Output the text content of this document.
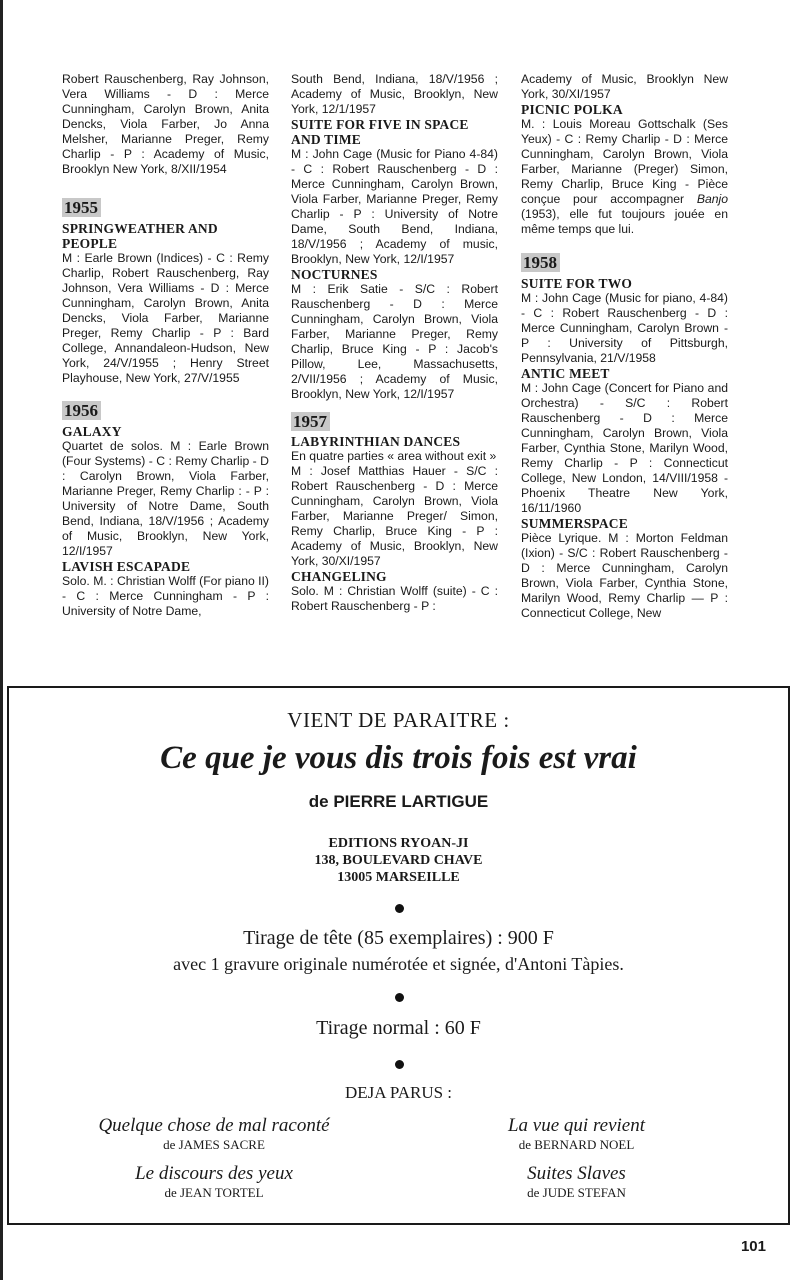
Robert Rauschenberg, Ray Johnson, Vera Williams - D : Merce Cunningham, Carolyn Brown, Anita Dencks, Viola Farber, Jo Anna Melsher, Marianne Preger, Remy Charlip - P : Academy of Music, Brooklyn New York, 8/XII/1954

1955
SPRINGWEATHER AND PEOPLE

M : Earle Brown (Indices) - C : Remy Charlip, Robert Rauschenberg, Ray Johnson, Vera Williams - D : Merce Cunningham, Carolyn Brown, Anita Dencks, Viola Farber, Marianne Preger, Remy Charlip - P : Bard College, Annandaleon-Hudson, New York, 24/V/1955 ; Henry Street Playhouse, New York, 27/V/1955

1956
GALAXY

Quartet de solos. M : Earle Brown (Four Systems) - C : Remy Charlip - D : Carolyn Brown, Viola Farber, Marianne Preger, Remy Charlip : - P : University of Notre Dame, South Bend, Indiana, 18/V/1956 ; Academy of Music, Brooklyn, New York, 12/I/1957

LAVISH ESCAPADE

Solo. M. : Christian Wolff (For piano II) - C : Merce Cunningham - P : University of Notre Dame,

South Bend, Indiana, 18/V/1956 ; Academy of Music, Brooklyn, New York, 12/1/1957

SUITE FOR FIVE IN SPACE AND TIME

M : John Cage (Music for Piano 4-84) - C : Robert Rauschenberg - D : Merce Cunningham, Carolyn Brown, Viola Farber, Marianne Preger, Remy Charlip - P : University of Notre Dame, South Bend, Indiana, 18/V/1956 ; Academy of music, Brooklyn, New York, 12/I/1957

NOCTURNES

M : Erik Satie - S/C : Robert Rauschenberg - D : Merce Cunningham, Carolyn Brown, Viola Farber, Marianne Preger, Remy Charlip, Bruce King - P : Jacob's Pillow, Lee, Massachusetts, 2/VII/1956 ; Academy of Music, Brooklyn, New York, 12/I/1957

1957
LABYRINTHIAN DANCES

En quatre parties « area without exit »

M : Josef Matthias Hauer - S/C : Robert Rauschenberg - D : Merce Cunningham, Carolyn Brown, Viola Farber, Marianne Preger/ Simon, Remy Charlip, Bruce King - P : Academy of Music, Brooklyn, New York, 30/XI/1957

CHANGELING

Solo. M : Christian Wolff (suite) - C : Robert Rauschenberg - P :

Academy of Music, Brooklyn New York, 30/XI/1957

PICNIC POLKA

M. : Louis Moreau Gottschalk (Ses Yeux) - C : Remy Charlip - D : Merce Cunningham, Carolyn Brown, Viola Farber, Marianne (Preger) Simon, Remy Charlip, Bruce King - Pièce conçue pour accompagner Banjo (1953), elle fut toujours jouée en même temps que lui.

1958
SUITE FOR TWO

M : John Cage (Music for piano, 4-84) - C : Robert Rauschenberg - D : Merce Cunningham, Carolyn Brown - P : University of Pittsburgh, Pennsylvania, 21/V/1958

ANTIC MEET

M : John Cage (Concert for Piano and Orchestra) - S/C : Robert Rauschenberg - D : Merce Cunningham, Carolyn Brown, Viola Farber, Cynthia Stone, Marilyn Wood, Remy Charlip - P : Connecticut College, New London, 14/VIII/1958 - Phoenix Theatre New York, 16/11/1960

SUMMERSPACE

Pièce Lyrique. M : Morton Feldman (Ixion) - S/C : Robert Rauschenberg - D : Merce Cunningham, Carolyn Brown, Viola Farber, Cynthia Stone, Marilyn Wood, Remy Charlip — P : Connecticut College, New

VIENT DE PARAITRE :
Ce que je vous dis trois fois est vrai
de PIERRE LARTIGUE
EDITIONS RYOAN-JI
138, BOULEVARD CHAVE
13005 MARSEILLE
Tirage de tête (85 exemplaires) : 900 F
avec 1 gravure originale numérotée et signée, d'Antoni Tàpies.
Tirage normal : 60 F
DEJA PARUS :
Quelque chose de mal raconté
de JAMES SACRE
La vue qui revient
de BERNARD NOEL
Le discours des yeux
de JEAN TORTEL
Suites Slaves
de JUDE STEFAN
101
